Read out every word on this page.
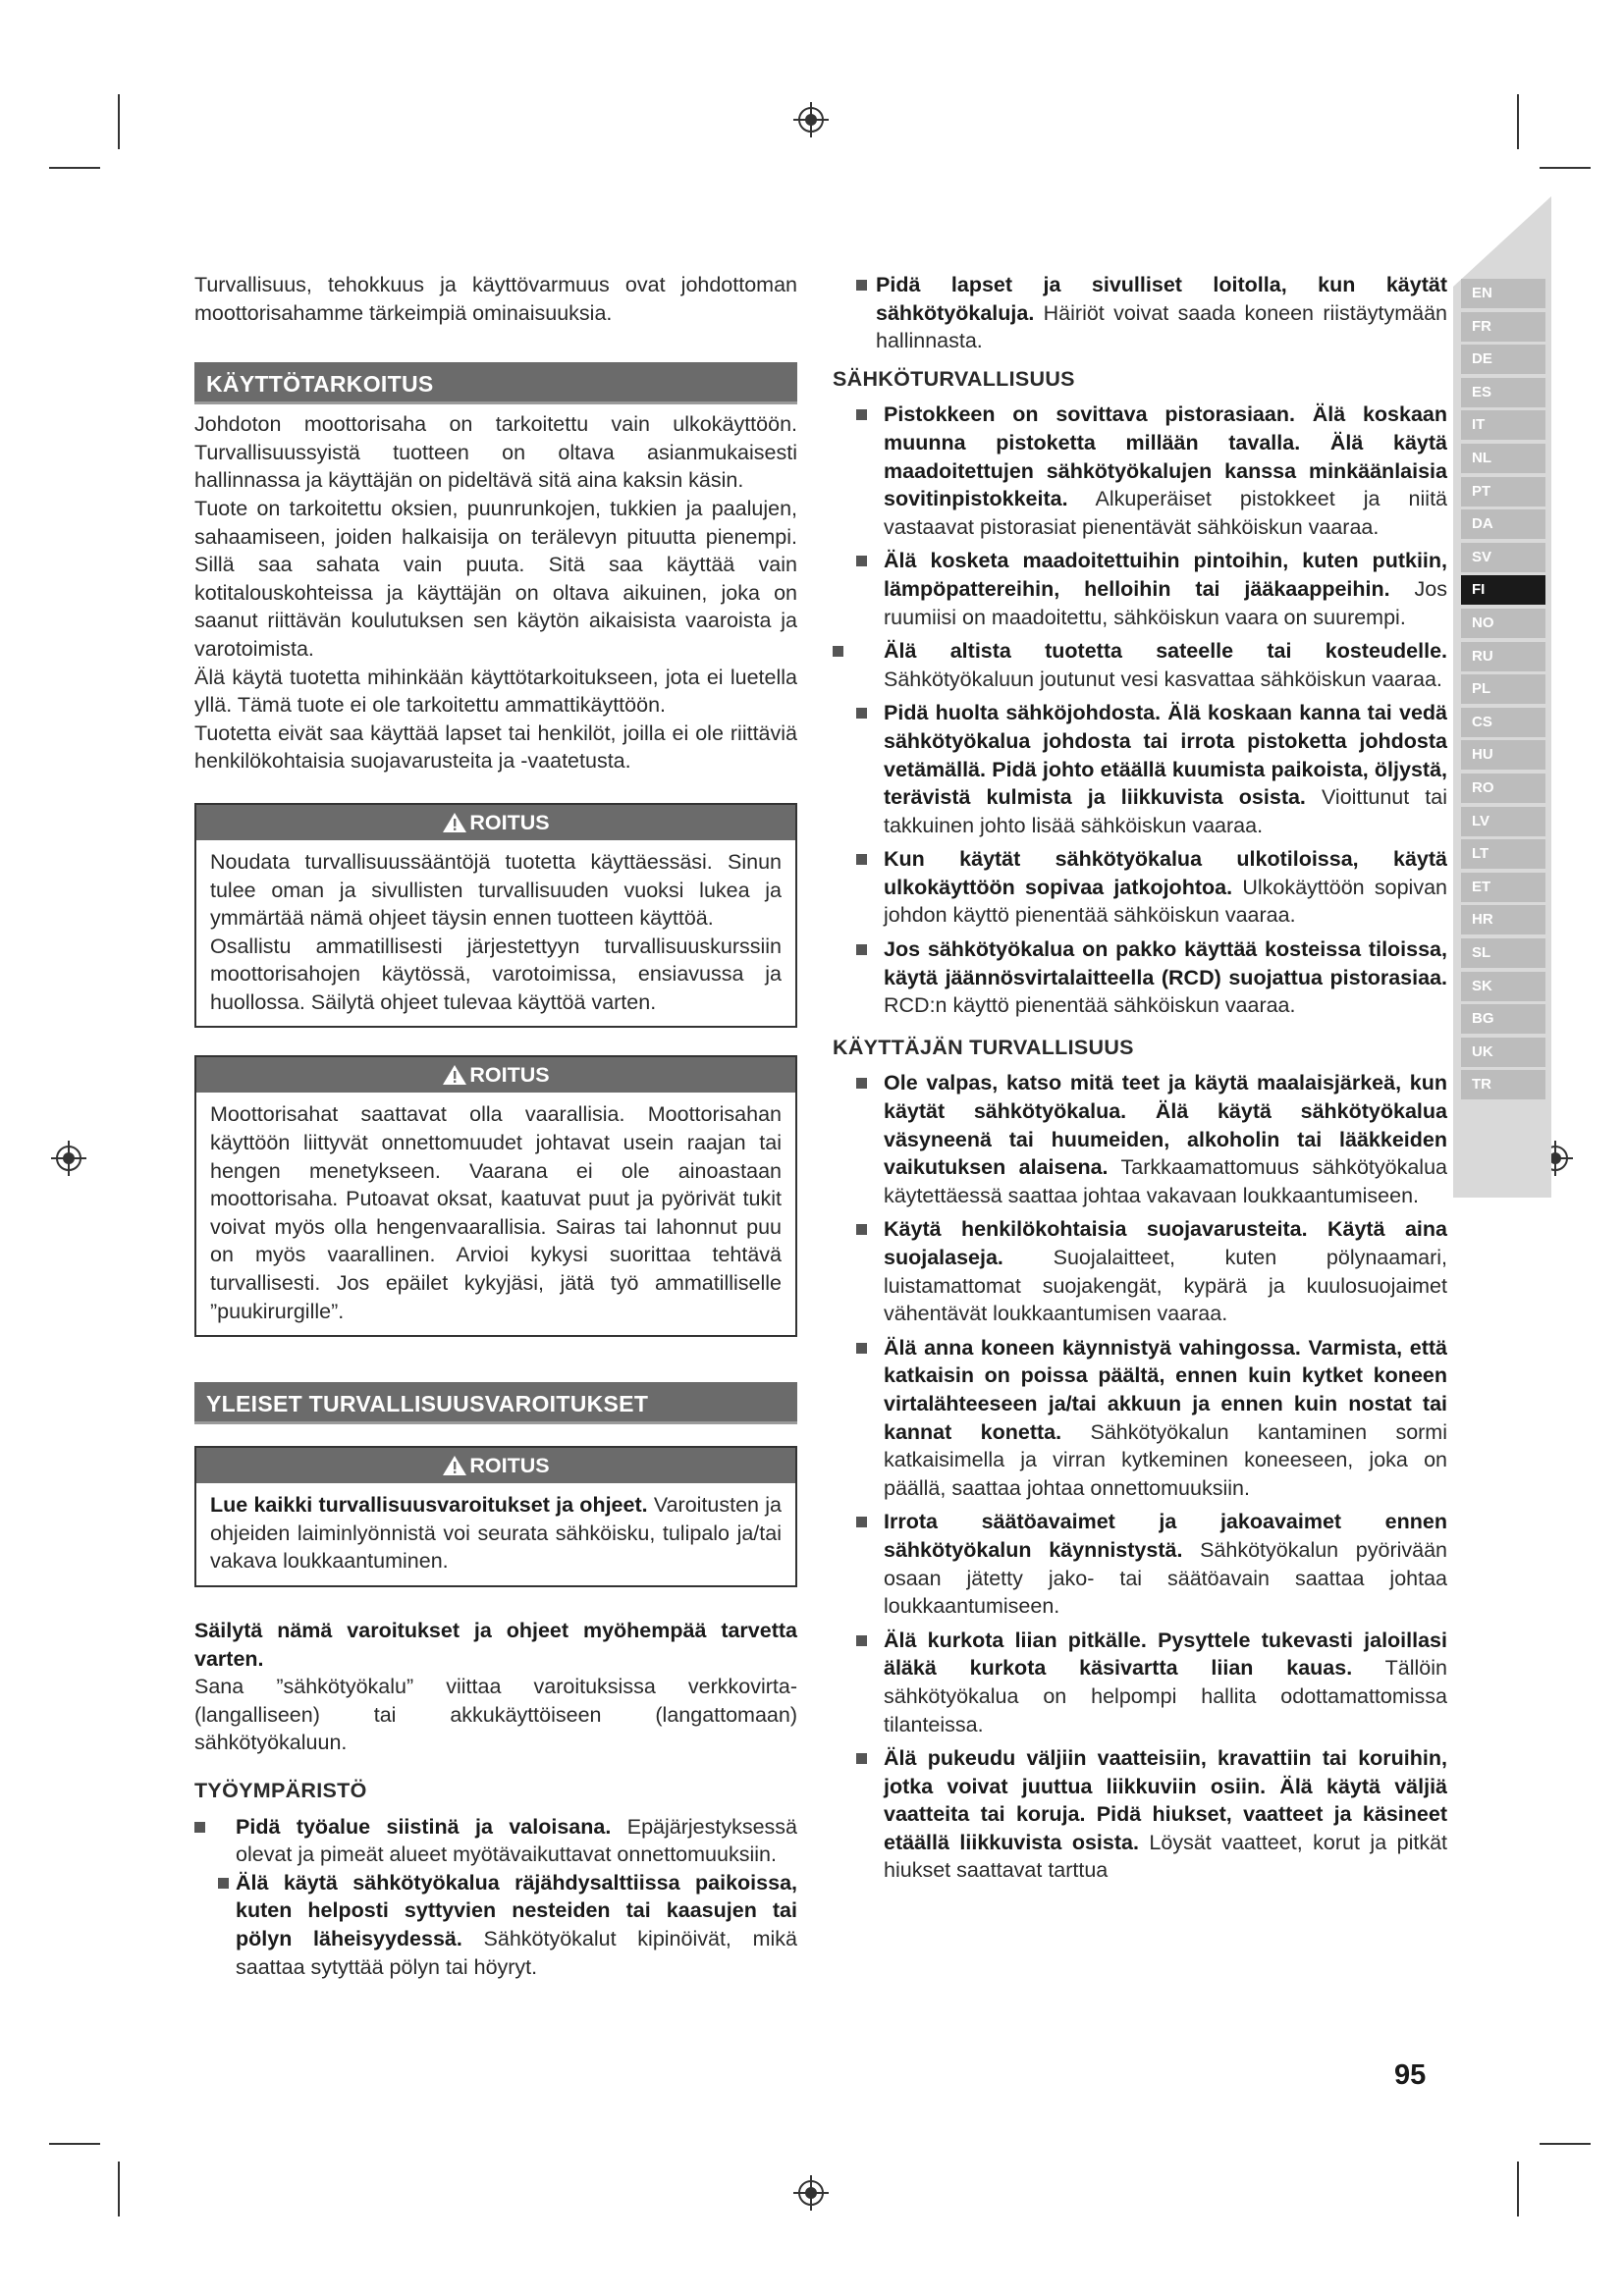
EN
FR
DE
ES
IT
NL
PT
DA
SV
FI
NO
RU
PL
CS
HU
RO
LV
LT
ET
HR
SL
SK
BG
UK
TR

Turvallisuus, tehokkuus ja käyttövarmuus ovat johdottoman moottorisahamme tärkeimpiä ominaisuuksia.

KÄYTTÖTARKOITUS

Johdoton moottorisaha on tarkoitettu vain ulkokäyttöön. Turvallisuussyistä tuotteen on oltava asianmukaisesti hallinnassa ja käyttäjän on pideltävä sitä aina kaksin käsin.

Tuote on tarkoitettu oksien, puunrunkojen, tukkien ja paalujen, sahaamiseen, joiden halkaisija on terälevyn pituutta pienempi. Sillä saa sahata vain puuta. Sitä saa käyttää vain kotitalouskohteissa ja käyttäjän on oltava aikuinen, joka on saanut riittävän koulutuksen sen käytön aikaisista vaaroista ja varotoimista.

Älä käytä tuotetta mihinkään käyttötarkoitukseen, jota ei luetella yllä. Tämä tuote ei ole tarkoitettu ammattikäyttöön.

Tuotetta eivät saa käyttää lapset tai henkilöt, joilla ei ole riittäviä henkilökohtaisia suojavarusteita ja -vaatetusta.

ROITUS

Noudata turvallisuussääntöjä tuotetta käyttäessäsi. Sinun tulee oman ja sivullisten turvallisuuden vuoksi lukea ja ymmärtää nämä ohjeet täysin ennen tuotteen käyttöä.

Osallistu ammatillisesti järjestettyyn turvallisuuskurssiin moottorisahojen käytössä, varotoimissa, ensiavussa ja huollossa. Säilytä ohjeet tulevaa käyttöä varten.

ROITUS

Moottorisahat saattavat olla vaarallisia. Moottorisahan käyttöön liittyvät onnettomuudet johtavat usein raajan tai hengen menetykseen. Vaarana ei ole ainoastaan moottorisaha. Putoavat oksat, kaatuvat puut ja pyörivät tukit voivat myös olla hengenvaarallisia. Sairas tai lahonnut puu on myös vaarallinen. Arvioi kykysi suorittaa tehtävä turvallisesti. Jos epäilet kykyjäsi, jätä työ ammatilliselle ”puukirurgille”.

YLEISET TURVALLISUUSVAROITUKSET
ROITUS

Lue kaikki turvallisuusvaroitukset ja ohjeet. Varoitusten ja ohjeiden laiminlyönnistä voi seurata sähköisku, tulipalo ja/tai vakava loukkaantuminen.

Säilytä nämä varoitukset ja ohjeet myöhempää tarvetta varten.

Sana ”sähkötyökalu” viittaa varoituksissa verkkovirta- (langalliseen) tai akkukäyttöiseen (langattomaan) sähkötyökaluun.

TYÖYMPÄRISTÖ

Pidä työalue siistinä ja valoisana. Epäjärjestyksessä olevat ja pimeät alueet myötävaikuttavat onnettomuuksiin.

Älä käytä sähkötyökalua räjähdysalttiissa paikoissa, kuten helposti syttyvien nesteiden tai kaasujen tai pölyn läheisyydessä. Sähkötyökalut kipinöivät, mikä saattaa sytyttää pölyn tai höyryt.

Pidä lapset ja sivulliset loitolla, kun käytät sähkötyökaluja. Häiriöt voivat saada koneen riistäytymään hallinnasta.

SÄHKÖTURVALLISUUS

Pistokkeen on sovittava pistorasiaan. Älä koskaan muunna pistoketta millään tavalla. Älä käytä maadoitettujen sähkötyökalujen kanssa minkäänlaisia sovitinpistokkeita. Alkuperäiset pistokkeet ja niitä vastaavat pistorasiat pienentävät sähköiskun vaaraa.

Älä kosketa maadoitettuihin pintoihin, kuten putkiin, lämpöpattereihin, helloihin tai jääkaappeihin. Jos ruumiisi on maadoitettu, sähköiskun vaara on suurempi.

Älä altista tuotetta sateelle tai kosteudelle. Sähkötyökaluun joutunut vesi kasvattaa sähköiskun vaaraa.

Pidä huolta sähköjohdosta. Älä koskaan kanna tai vedä sähkötyökalua johdosta tai irrota pistoketta johdosta vetämällä. Pidä johto etäällä kuumista paikoista, öljystä, terävistä kulmista ja liikkuvista osista. Vioittunut tai takkuinen johto lisää sähköiskun vaaraa.

Kun käytät sähkötyökalua ulkotiloissa, käytä ulkokäyttöön sopivaa jatkojohtoa. Ulkokäyttöön sopivan johdon käyttö pienentää sähköiskun vaaraa.

Jos sähkötyökalua on pakko käyttää kosteissa tiloissa, käytä jäännösvirtalaitteella (RCD) suojattua pistorasiaa. RCD:n käyttö pienentää sähköiskun vaaraa.

KÄYTTÄJÄN TURVALLISUUS

Ole valpas, katso mitä teet ja käytä maalaisjärkeä, kun käytät sähkötyökalua. Älä käytä sähkötyökalua väsyneenä tai huumeiden, alkoholin tai lääkkeiden vaikutuksen alaisena. Tarkkaamattomuus sähkötyökalua käytettäessä saattaa johtaa vakavaan loukkaantumiseen.

Käytä henkilökohtaisia suojavarusteita. Käytä aina suojalaseja. Suojalaitteet, kuten pölynaamari, luistamattomat suojakengät, kypärä ja kuulosuojaimet vähentävät loukkaantumisen vaaraa.

Älä anna koneen käynnistyä vahingossa. Varmista, että katkaisin on poissa päältä, ennen kuin kytket koneen virtalähteeseen ja/tai akkuun ja ennen kuin nostat tai kannat konetta. Sähkötyökalun kantaminen sormi katkaisimella ja virran kytkeminen koneeseen, joka on päällä, saattaa johtaa onnettomuuksiin.

Irrota säätöavaimet ja jakoavaimet ennen sähkötyökalun käynnistystä. Sähkötyökalun pyörivään osaan jätetty jako- tai säätöavain saattaa johtaa loukkaantumiseen.

Älä kurkota liian pitkälle. Pysyttele tukevasti jaloillasi äläkä kurkota käsivartta liian kauas. Tällöin sähkötyökalua on helpompi hallita odottamattomissa tilanteissa.

Älä pukeudu väljiin vaatteisiin, kravattiin tai koruihin, jotka voivat juuttua liikkuviin osiin. Älä käytä väljiä vaatteita tai koruja. Pidä hiukset, vaatteet ja käsineet etäällä liikkuvista osista. Löysät vaatteet, korut ja pitkät hiukset saattavat tarttua

95
